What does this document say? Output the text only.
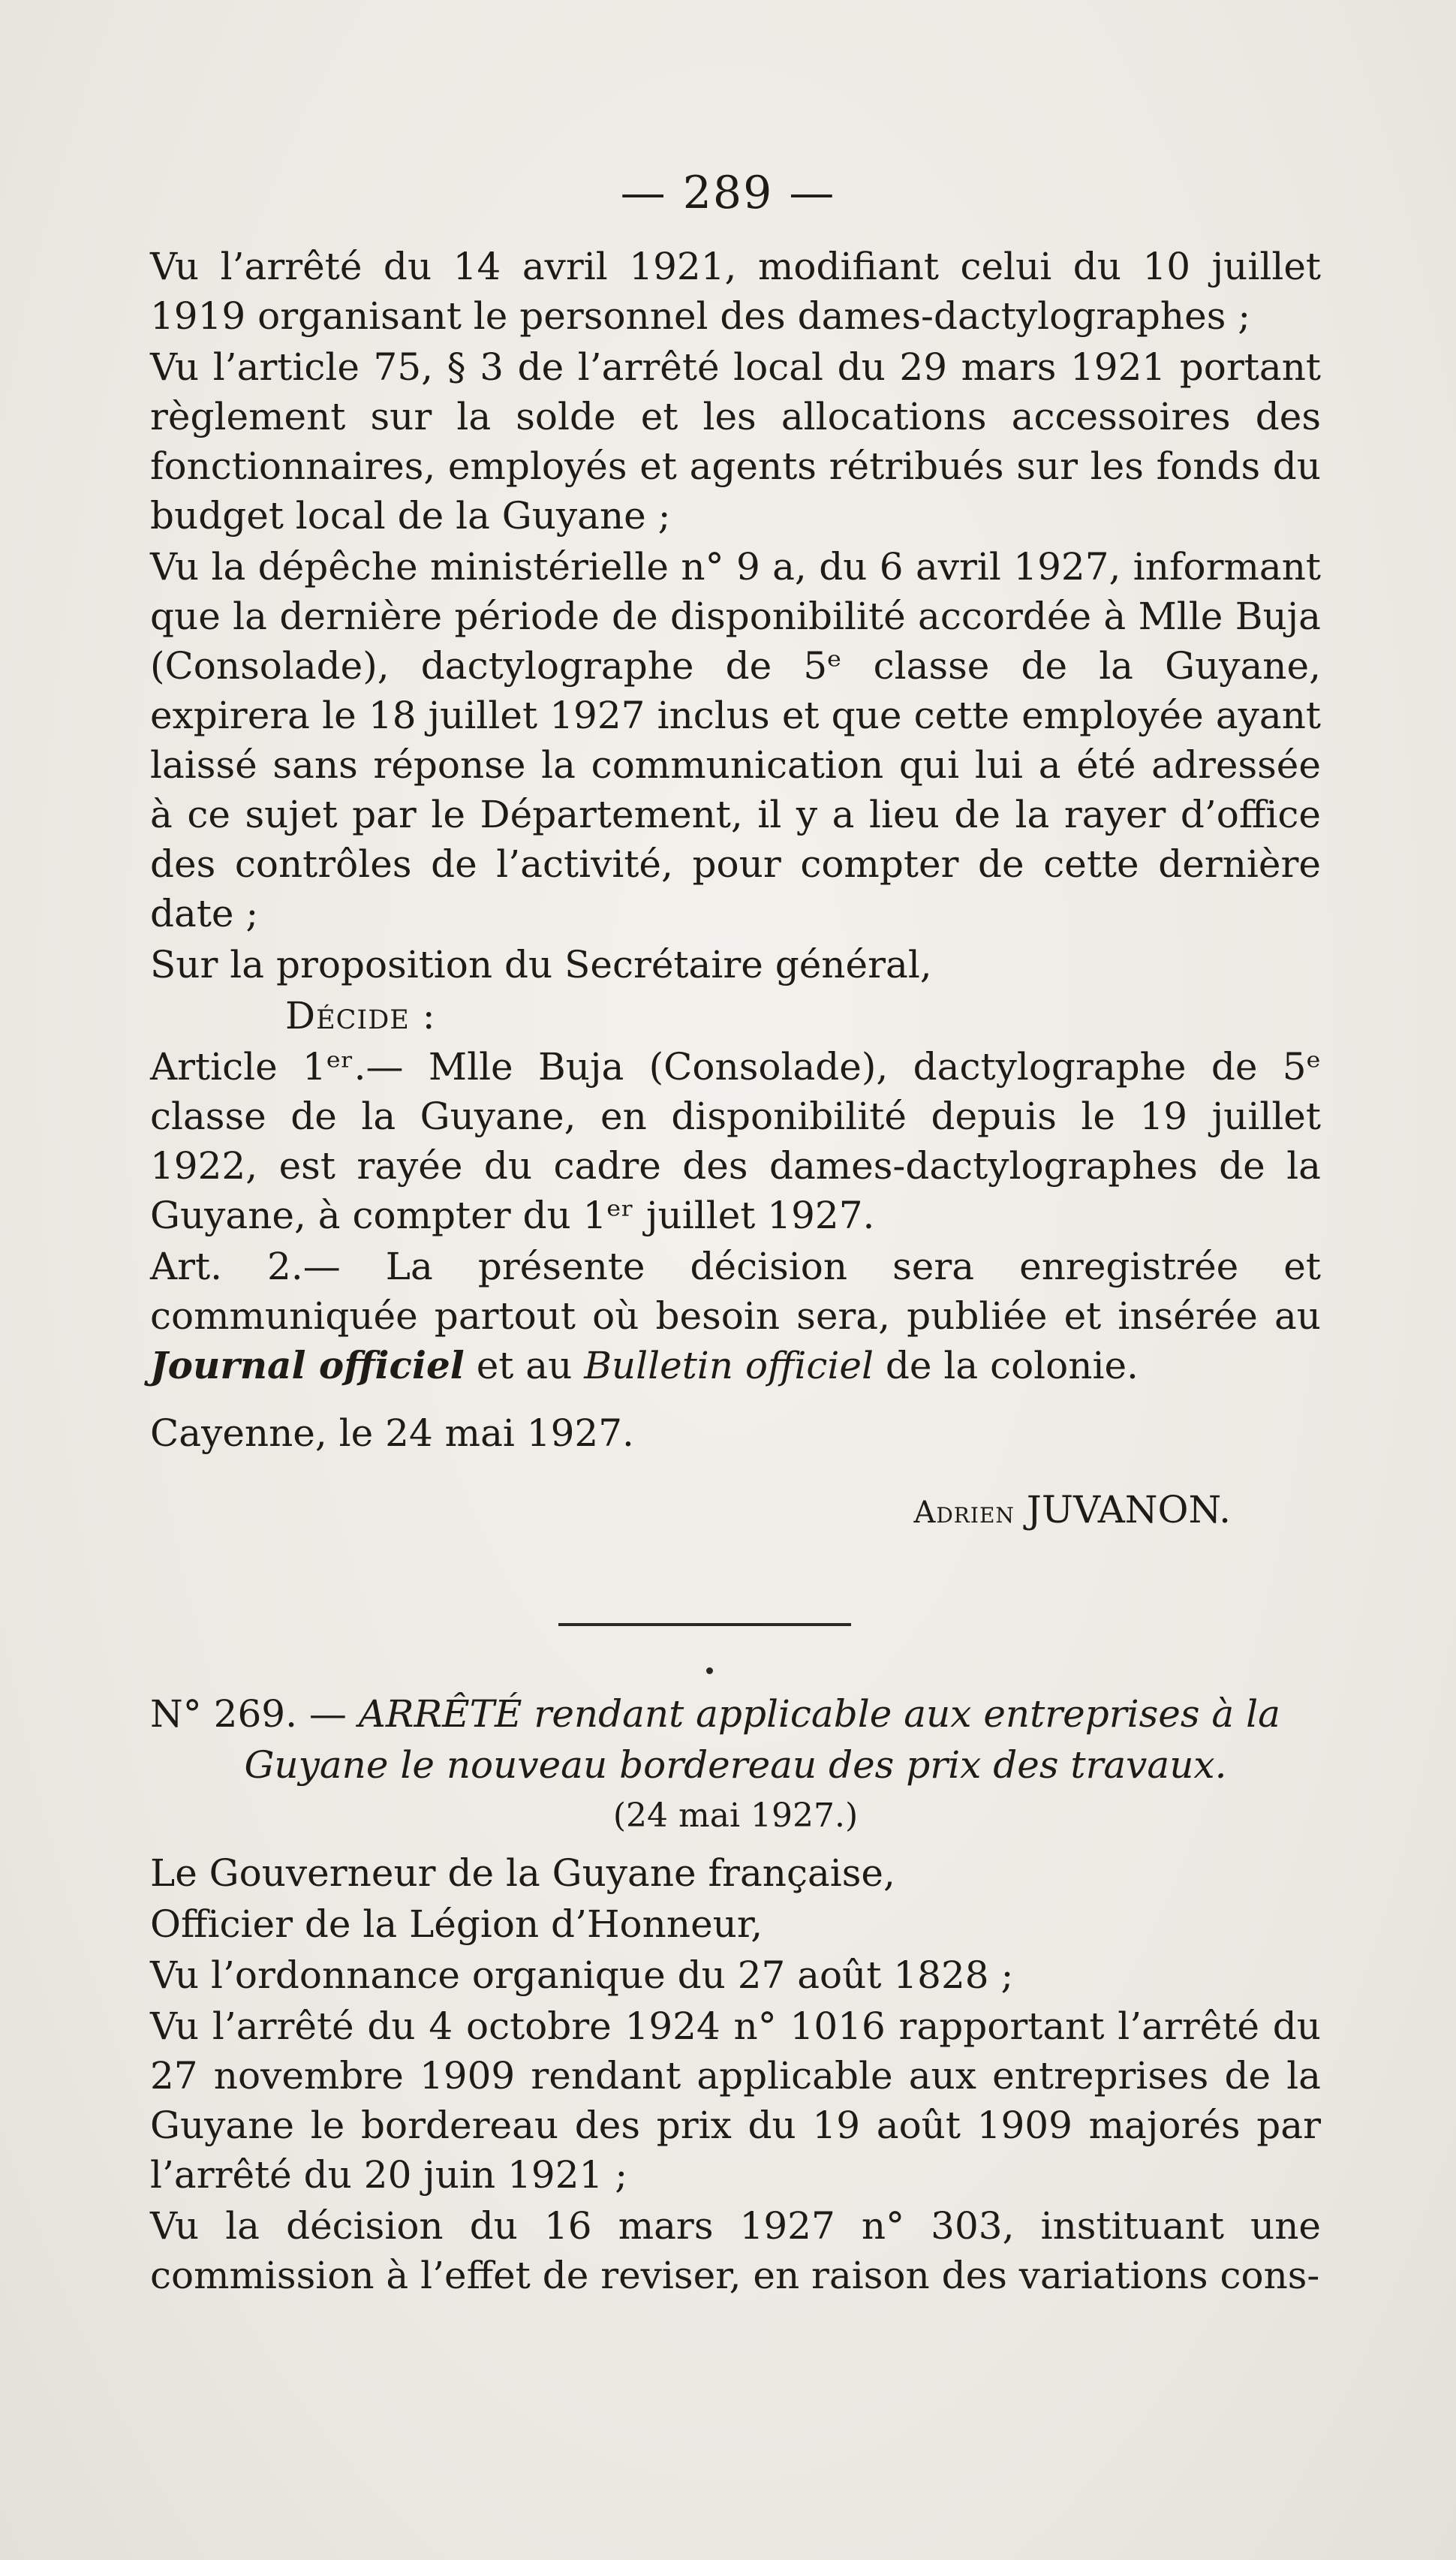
— 289 —

Vu l’arrêté du 14 avril 1921, modifiant celui du 10 juillet 1919 organisant le personnel des dames-dactylographes ;

Vu l’article 75, § 3 de l’arrêté local du 29 mars 1921 portant règlement sur la solde et les allocations accessoires des fonctionnaires, employés et agents rétribués sur les fonds du budget local de la Guyane ;

Vu la dépêche ministérielle n° 9 a, du 6 avril 1927, informant que la dernière période de disponibilité accordée à Mlle Buja (Consolade), dactylographe de 5ᵉ classe de la Guyane, expirera le 18 juillet 1927 inclus et que cette employée ayant laissé sans réponse la communication qui lui a été adressée à ce sujet par le Département, il y a lieu de la rayer d’office des contrôles de l’activité, pour compter de cette dernière date ;

Sur la proposition du Secrétaire général,

Décide :

Article 1ᵉʳ.— Mlle Buja (Consolade), dactylographe de 5ᵉ classe de la Guyane, en disponibilité depuis le 19 juillet 1922, est rayée du cadre des dames-dactylographes de la Guyane, à compter du 1ᵉʳ juillet 1927.

Art. 2.— La présente décision sera enregistrée et communiquée partout où besoin sera, publiée et insérée au Journal officiel et au Bulletin officiel de la colonie.

Cayenne, le 24 mai 1927.

Adrien JUVANON.

N° 269. — ARRÊTÉ rendant applicable aux entreprises à la

Guyane le nouveau bordereau des prix des travaux.

(24 mai 1927.)

Le Gouverneur de la Guyane française,

Officier de la Légion d’Honneur,

Vu l’ordonnance organique du 27 août 1828 ;

Vu l’arrêté du 4 octobre 1924 n° 1016 rapportant l’arrêté du 27 novembre 1909 rendant applicable aux entreprises de la Guyane le bordereau des prix du 19 août 1909 majorés par l’arrêté du 20 juin 1921 ;

Vu la décision du 16 mars 1927 n° 303, instituant une commission à l’effet de reviser, en raison des variations cons-
